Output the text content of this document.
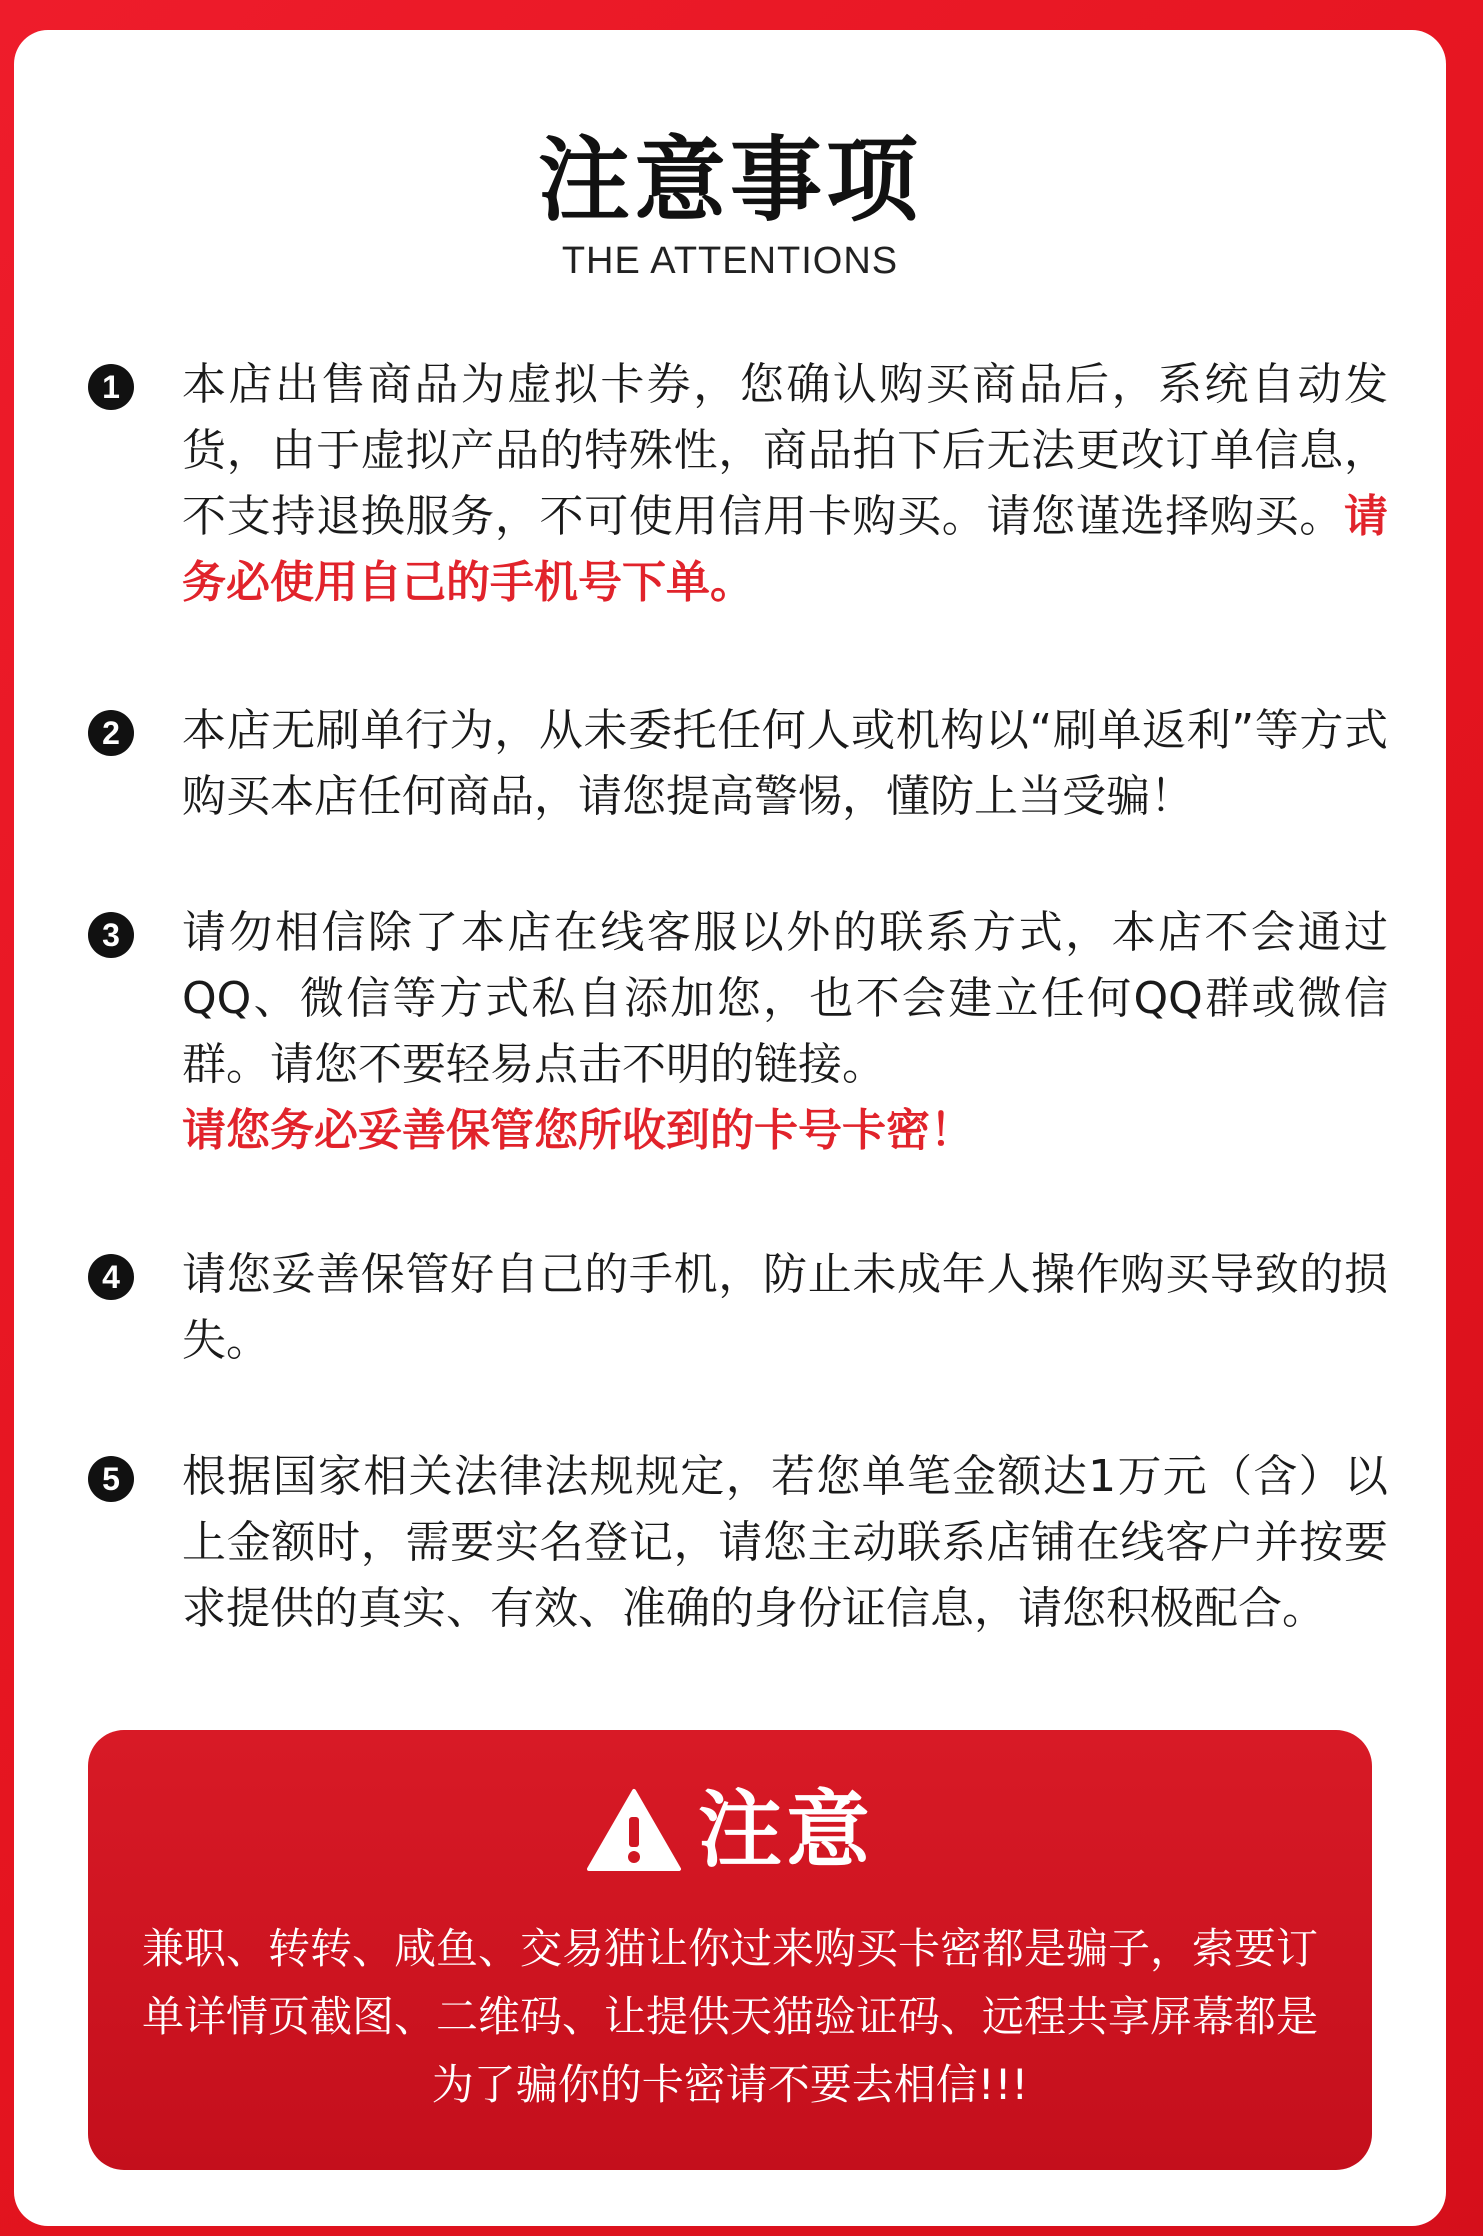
注意事项
THE ATTENTIONS
1	本店出售商品为虚拟卡券，您确认购买商品后，系统自动发货，由于虚拟产品的特殊性，商品拍下后无法更改订单信息，不支持退换服务，不可使用信用卡购买。请您谨选择购买。请务必使用自己的手机号下单。
2	本店无刷单行为，从未委托任何人或机构以“刷单返利”等方式购买本店任何商品，请您提高警惕，懂防上当受骗！
3	请勿相信除了本店在线客服以外的联系方式，本店不会通过QQ、微信等方式私自添加您，也不会建立任何QQ群或微信群。请您不要轻易点击不明的链接。
请您务必妥善保管您所收到的卡号卡密！
4	请您妥善保管好自己的手机，防止未成年人操作购买导致的损失。
5	根据国家相关法律法规规定，若您单笔金额达1万元（含）以上金额时，需要实名登记，请您主动联系店铺在线客户并按要求提供的真实、有效、准确的身份证信息，请您积极配合。
注意
兼职、转转、咸鱼、交易猫让你过来购买卡密都是骗子，索要订单详情页截图、二维码、让提供天猫验证码、远程共享屏幕都是为了骗你的卡密请不要去相信!!!
